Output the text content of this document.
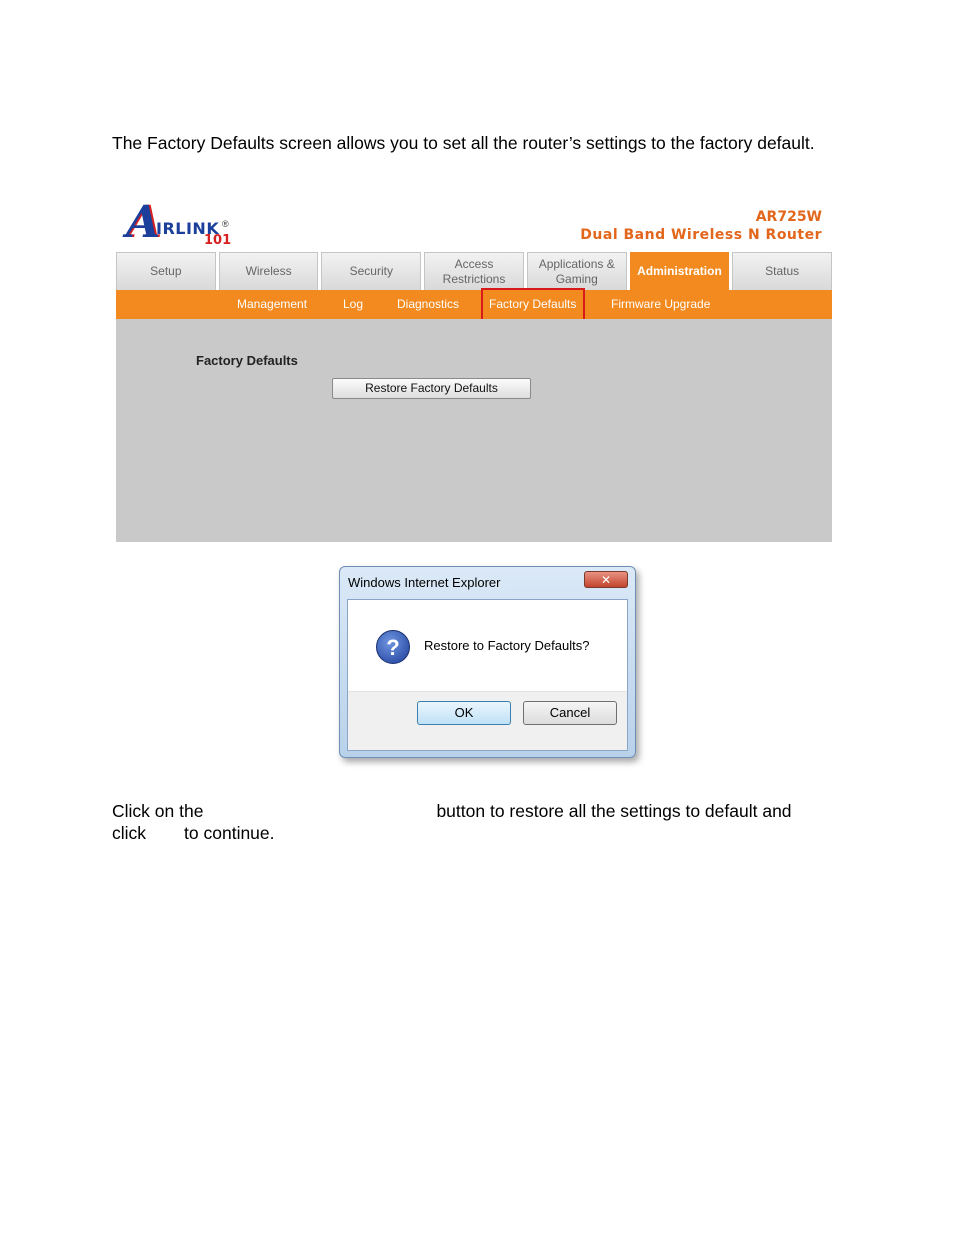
The Factory Defaults screen allows you to set all the router’s settings to the factory default.

A
IRLINK ®
101
AR725W
Dual Band Wireless N Router
Setup	Wireless	Security
Access Restrictions
Applications & Gaming
Administration	Status
Management	Log	Diagnostics	Factory Defaults	Firmware Upgrade
Factory Defaults
Restore Factory Defaults
Windows Internet Explorer	✕
?	Restore to Factory Defaults?
OK	Cancel

Click on the	button to restore all the settings to default and
click to continue.
